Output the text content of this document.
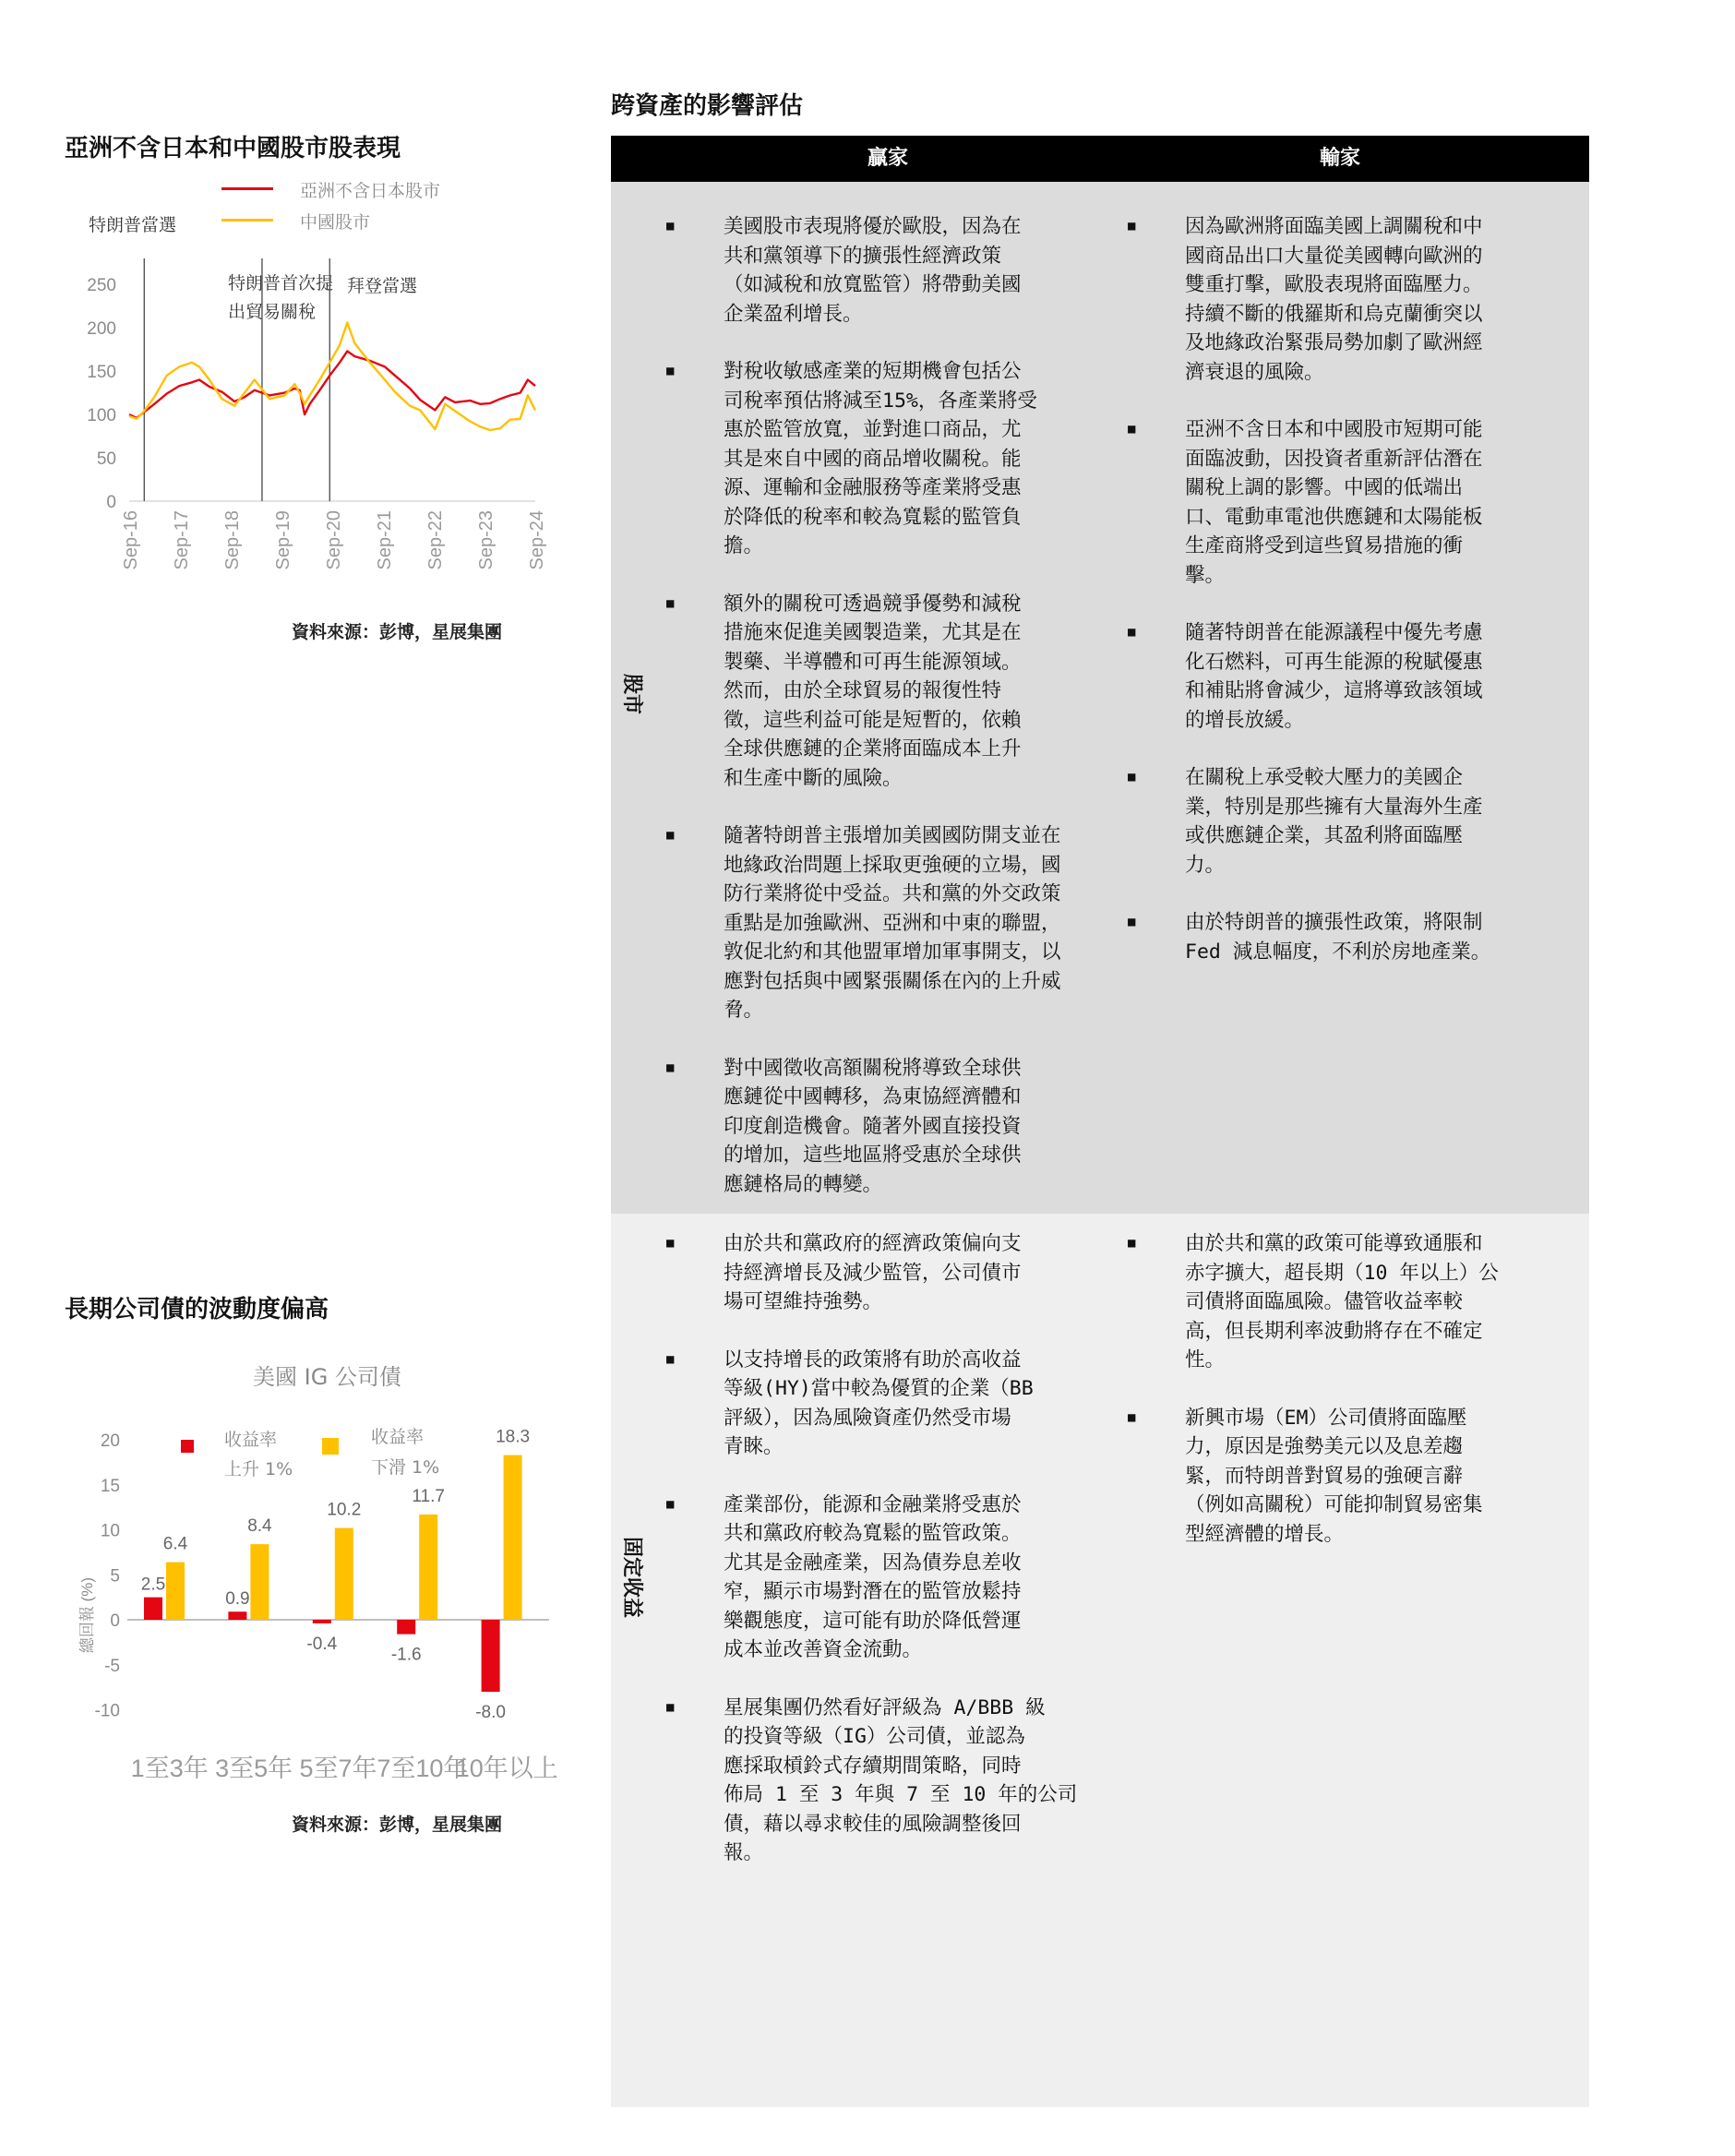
亞洲不含日本和中國股市股表現
亞洲不含日本股市
中國股市
特朗普當選
特朗普首次提
出貿易關稅
拜登當選
0
50
100
150
200
250
Sep-16 Sep-17 Sep-18 Sep-19 Sep-20 Sep-21 Sep-22 Sep-23 Sep-24
資料來源：彭博，星展集團
長期公司債的波動度偏高
美國 IG 公司債
收益率
上升 1%
收益率
下滑 1%
20
15
10
5
0
-5
-10
總回報 (%)	2.5
6.4
1至3年
0.9
8.4
3至5年
-0.4
10.2
5至7年
-1.6
11.7
7至10年
-8.0
18.3
10年以上
資料來源：彭博，星展集團
跨資產的影響評估
贏家	輸家
股市
固定收益
■ 美國股市表現將優於歐股，因為在
共和黨領導下的擴張性經濟政策
（如減稅和放寬監管）將帶動美國
企業盈利增長。
■ 對稅收敏感產業的短期機會包括公
司稅率預估將減至15%，各產業將受
惠於監管放寬，並對進口商品，尤
其是來自中國的商品增收關稅。能
源、運輸和金融服務等產業將受惠
於降低的稅率和較為寬鬆的監管負
擔。
■ 額外的關稅可透過競爭優勢和減稅
措施來促進美國製造業，尤其是在
製藥、半導體和可再生能源領域。
然而，由於全球貿易的報復性特
徵，這些利益可能是短暫的，依賴
全球供應鏈的企業將面臨成本上升
和生產中斷的風險。
■ 隨著特朗普主張增加美國國防開支並在
地緣政治問題上採取更強硬的立場，國
防行業將從中受益。共和黨的外交政策
重點是加強歐洲、亞洲和中東的聯盟，
敦促北約和其他盟軍增加軍事開支，以
應對包括與中國緊張關係在內的上升威
脅。
■ 對中國徵收高額關稅將導致全球供
應鏈從中國轉移，為東協經濟體和
印度創造機會。隨著外國直接投資
的增加，這些地區將受惠於全球供
應鏈格局的轉變。
■ 因為歐洲將面臨美國上調關稅和中
國商品出口大量從美國轉向歐洲的
雙重打擊，歐股表現將面臨壓力。
持續不斷的俄羅斯和烏克蘭衝突以
及地緣政治緊張局勢加劇了歐洲經
濟衰退的風險。
■ 亞洲不含日本和中國股市短期可能
面臨波動，因投資者重新評估潛在
關稅上調的影響。中國的低端出
口、電動車電池供應鏈和太陽能板
生產商將受到這些貿易措施的衝
擊。
■ 隨著特朗普在能源議程中優先考慮
化石燃料，可再生能源的稅賦優惠
和補貼將會減少，這將導致該領域
的增長放緩。
■ 在關稅上承受較大壓力的美國企
業，特別是那些擁有大量海外生產
或供應鏈企業，其盈利將面臨壓
力。
■ 由於特朗普的擴張性政策，將限制
Fed 減息幅度，不利於房地產業。
■ 由於共和黨政府的經濟政策偏向支
持經濟增長及減少監管，公司債市
場可望維持強勢。
■ 以支持增長的政策將有助於高收益
等級(HY)當中較為優質的企業（BB
評級），因為風險資產仍然受市場
青睞。
■ 產業部份，能源和金融業將受惠於
共和黨政府較為寬鬆的監管政策。
尤其是金融產業，因為債券息差收
窄，顯示市場對潛在的監管放鬆持
樂觀態度，這可能有助於降低營運
成本並改善資金流動。
■ 星展集團仍然看好評級為 A/BBB 級
的投資等級（IG）公司債，並認為
應採取槓鈴式存續期間策略，同時
佈局 1 至 3 年與 7 至 10 年的公司
債，藉以尋求較佳的風險調整後回
報。
■ 由於共和黨的政策可能導致通脹和
赤字擴大，超長期（10 年以上）公
司債將面臨風險。儘管收益率較
高，但長期利率波動將存在不確定
性。
■ 新興市場（EM）公司債將面臨壓
力，原因是強勢美元以及息差趨
緊，而特朗普對貿易的強硬言辭
（例如高關稅）可能抑制貿易密集
型經濟體的增長。
